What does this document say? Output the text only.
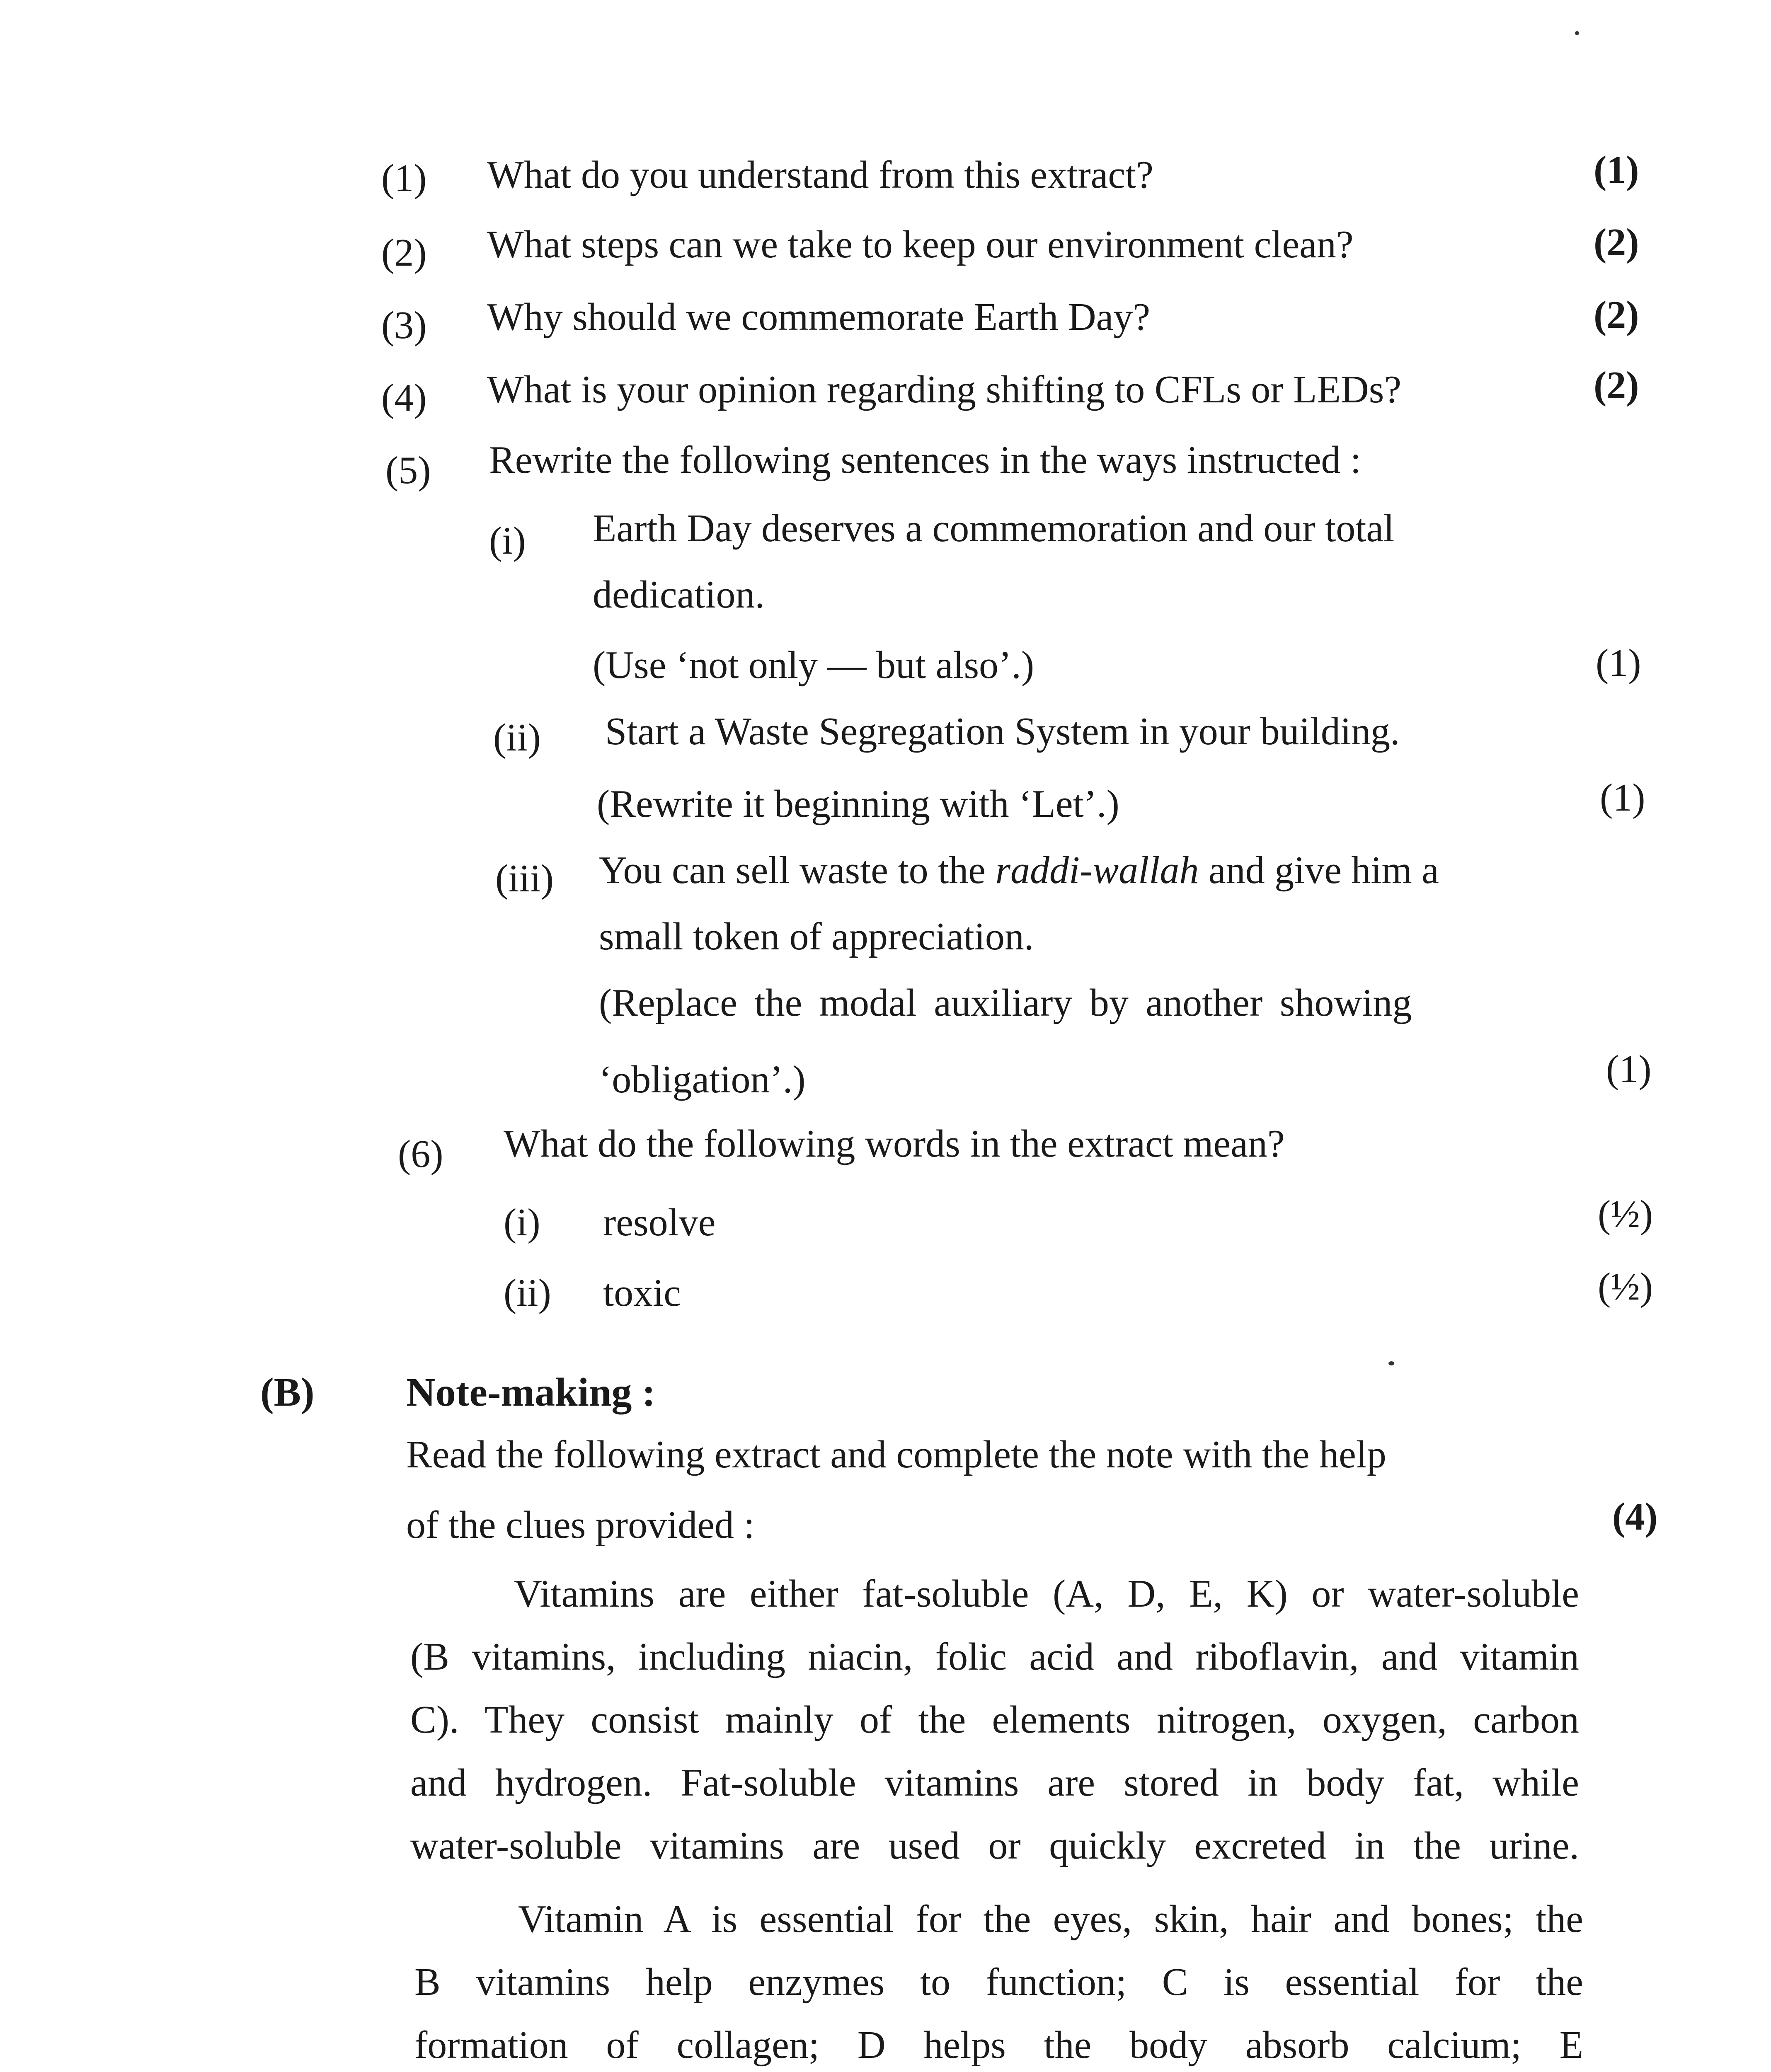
(1) What do you understand from this extract?	(1)
(2) What steps can we take to keep our environment clean?	(2)
(3) Why should we commemorate Earth Day?	(2)
(4) What is your opinion regarding shifting to CFLs or LEDs?	(2)
(5) Rewrite the following sentences in the ways instructed :
(i) Earth Day deserves a commemoration and our total
dedication.
(Use ‘not only — but also’.)	(1)
(ii) Start a Waste Segregation System in your building.
(Rewrite it beginning with ‘Let’.)	(1)
(iii) You can sell waste to the raddi-wallah and give him a
small token of appreciation.
(Replace the modal auxiliary by another showing
‘obligation’.)	(1)
(6) What do the following words in the extract mean?
(i) resolve	(½)
(ii) toxic	(½)
(B) Note-making :
Read the following extract and complete the note with the help
of the clues provided :	(4)
Vitamins are either fat-soluble (A, D, E, K) or water-soluble
(B vitamins, including niacin, folic acid and riboflavin, and vitamin
C). They consist mainly of the elements nitrogen, oxygen, carbon
and hydrogen. Fat-soluble vitamins are stored in body fat, while
water-soluble vitamins are used or quickly excreted in the urine.
Vitamin A is essential for the eyes, skin, hair and bones; the
B vitamins help enzymes to function; C is essential for the
formation of collagen; D helps the body absorb calcium; E
